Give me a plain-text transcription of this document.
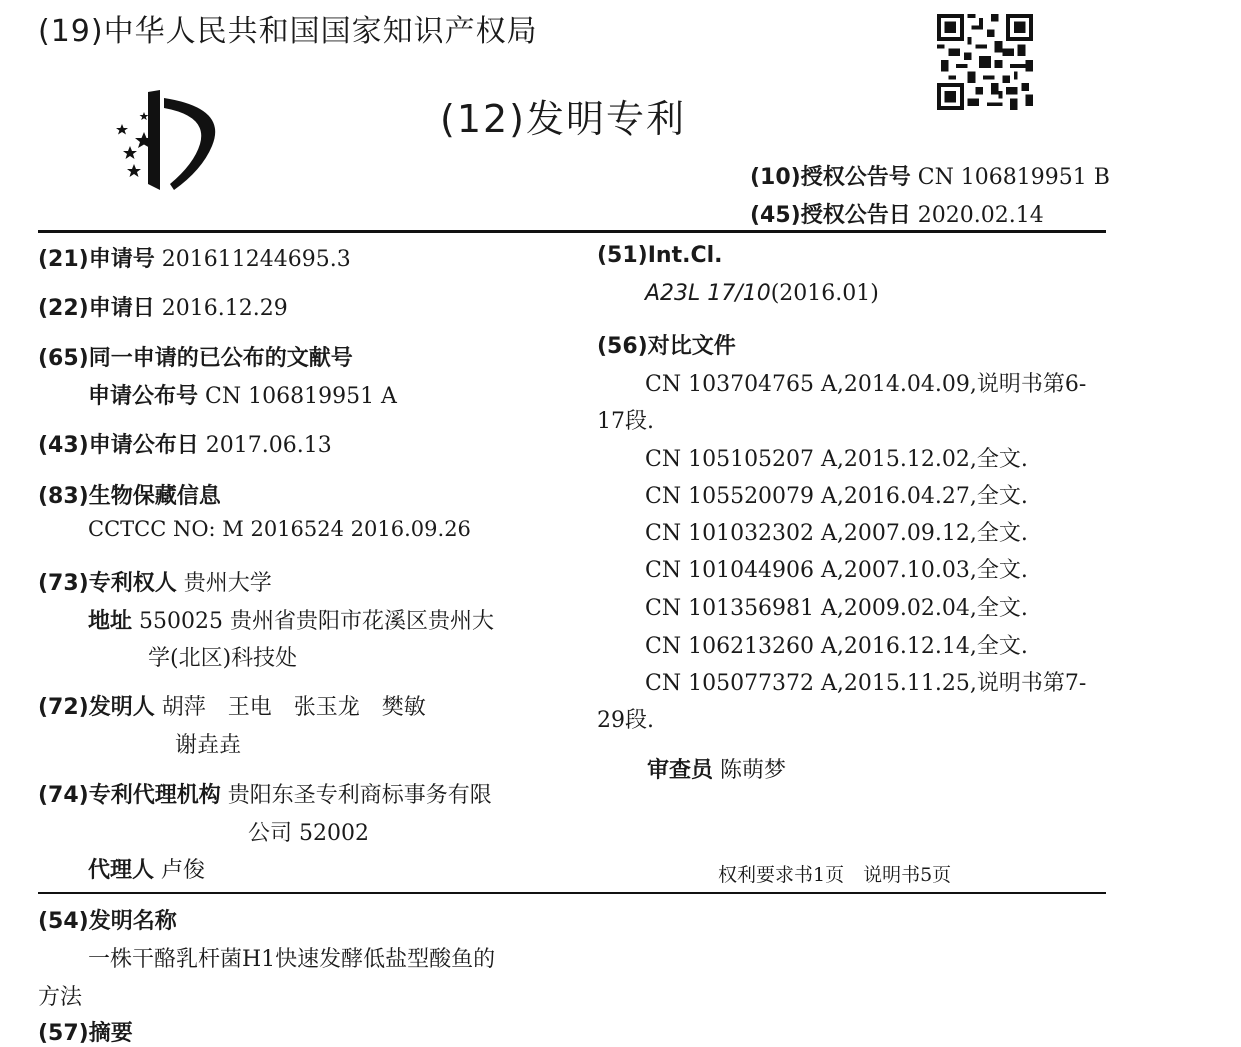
(19)中华人民共和国国家知识产权局
(12)发明专利
(10)授权公告号 CN 106819951 B
(45)授权公告日 2020.02.14
(21)申请号 201611244695.3
(22)申请日 2016.12.29
(65)同一申请的已公布的文献号
申请公布号 CN 106819951 A
(43)申请公布日 2017.06.13
(83)生物保藏信息
CCTCC NO: M 2016524 2016.09.26
(73)专利权人 贵州大学
地址 550025 贵州省贵阳市花溪区贵州大
学(北区)科技处
(72)发明人 胡萍　王电　张玉龙　樊敏
谢垚垚
(74)专利代理机构 贵阳东圣专利商标事务有限
公司 52002
代理人 卢俊
(51)Int.Cl.
A23L 17/10(2016.01)
(56)对比文件
CN 103704765 A,2014.04.09,说明书第6-
17段.
CN 105105207 A,2015.12.02,全文.
CN 105520079 A,2016.04.27,全文.
CN 101032302 A,2007.09.12,全文.
CN 101044906 A,2007.10.03,全文.
CN 101356981 A,2009.02.04,全文.
CN 106213260 A,2016.12.14,全文.
CN 105077372 A,2015.11.25,说明书第7-
29段.
审查员 陈萌梦
权利要求书1页　说明书5页
(54)发明名称
一株干酪乳杆菌H1快速发酵低盐型酸鱼的
方法
(57)摘要
